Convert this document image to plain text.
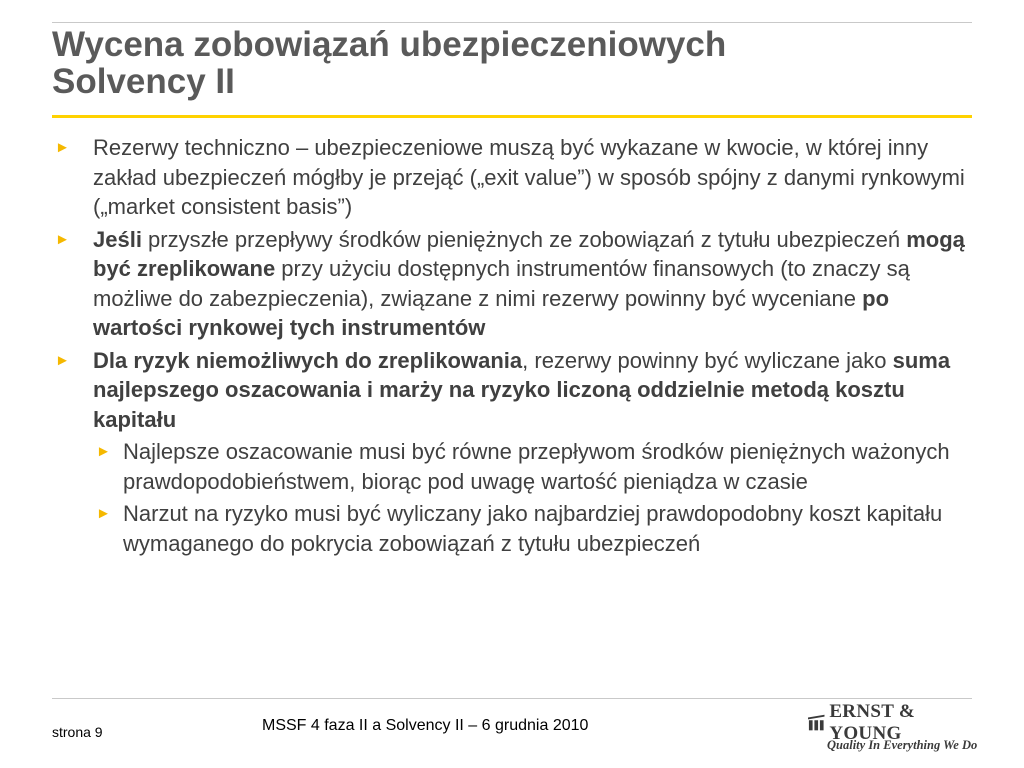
Wycena zobowiązań ubezpieczeniowych
Solvency II
► Rezerwy techniczno – ubezpieczeniowe muszą być wykazane w kwocie, w której inny zakład ubezpieczeń mógłby je przejąć („exit value”) w sposób spójny z danymi rynkowymi („market consistent basis”)
► Jeśli przyszłe przepływy środków pieniężnych ze zobowiązań z tytułu ubezpieczeń mogą być zreplikowane przy użyciu dostępnych instrumentów finansowych (to znaczy są możliwe do zabezpieczenia), związane z nimi rezerwy powinny być wyceniane po wartości rynkowej tych instrumentów
► Dla ryzyk niemożliwych do zreplikowania, rezerwy powinny być wyliczane jako suma najlepszego oszacowania i marży na ryzyko liczoną oddzielnie metodą kosztu kapitału
► Najlepsze oszacowanie musi być równe przepływom środków pieniężnych ważonych prawdopodobieństwem, biorąc pod uwagę wartość pieniądza w czasie
► Narzut na ryzyko musi być wyliczany jako najbardziej prawdopodobny koszt kapitału wymaganego do pokrycia zobowiązań z tytułu ubezpieczeń
strona 9	MSSF 4 faza II a Solvency II – 6 grudnia 2010
ERNST & YOUNG
Quality In Everything We Do
